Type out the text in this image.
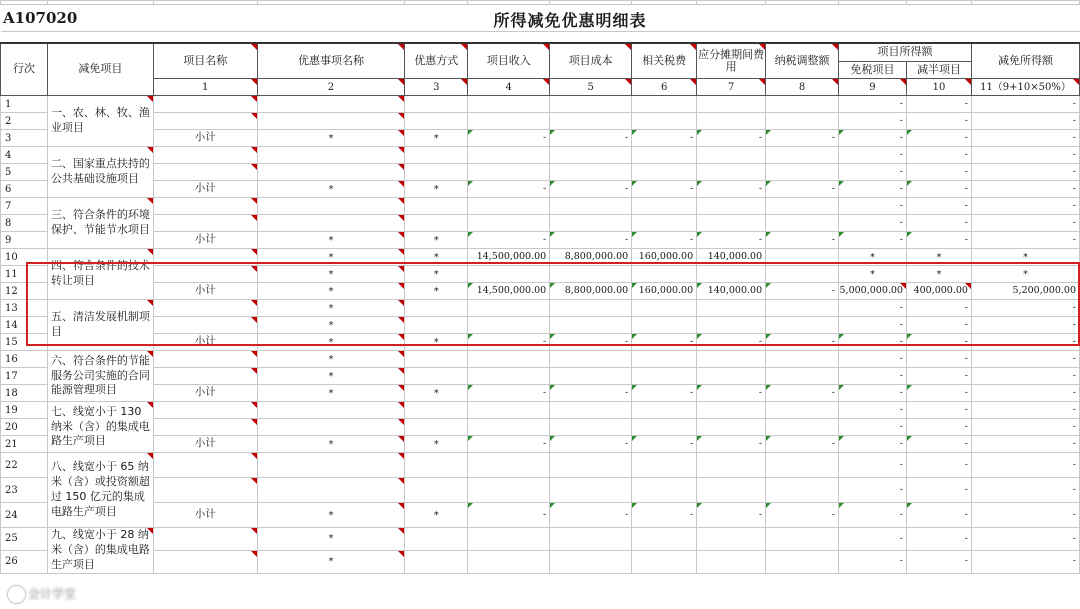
A107020	所得减免优惠明细表

行次	减免项目	项目名称	优惠事项名称	优惠方式	项目收入	项目成本	相关税费	应分摊期间费用	纳税调整额	项目所得额		减免所得额
										免税项目	减半项目	
		1	2	3	4	5	6	7	8	9	10	11（9+10×50%）
1	一、农、林、牧、渔业项目									-	-	-
2										-	-	-
3		小计	*	*	-	-	-	-	-	-	-	-
4	二、国家重点扶持的公共基础设施项目									-	-	-
5										-	-	-
6		小计	*	*	-	-	-	-	-	-	-	-
7	三、符合条件的环境保护、节能节水项目									-	-	-
8										-	-	-
9		小计	*	*	-	-	-	-	-	-	-	-
10	四、符合条件的技术转让项目		*	*	14,500,000.00	8,800,000.00	160,000.00	140,000.00		*	*	*
11			*	*						*	*	*
12		小计	*	*	14,500,000.00	8,800,000.00	160,000.00	140,000.00	-	5,000,000.00	400,000.00	5,200,000.00
13	五、清洁发展机制项目		*							-	-	-
14			*							-	-	-
15		小计	*	*	-	-	-	-	-	-	-	-
16	六、符合条件的节能服务公司实施的合同能源管理项目		*							-	-	-
17			*							-	-	-
18		小计	*	*	-	-	-	-	-	-	-	-
19	七、线宽小于 130 纳米（含）的集成电路生产项目									-	-	-
20										-	-	-
21		小计	*	*	-	-	-	-	-	-	-	-
22	八、线宽小于 65 纳米（含）或投资额超过 150 亿元的集成电路生产项目									-	-	-
23										-	-	-
24		小计	*	*	-	-	-	-	-	-	-	-
25	九、线宽小于 28 纳米（含）的集成电路生产项目		*							-	-	-
26			*							-	-	-
会计学堂
